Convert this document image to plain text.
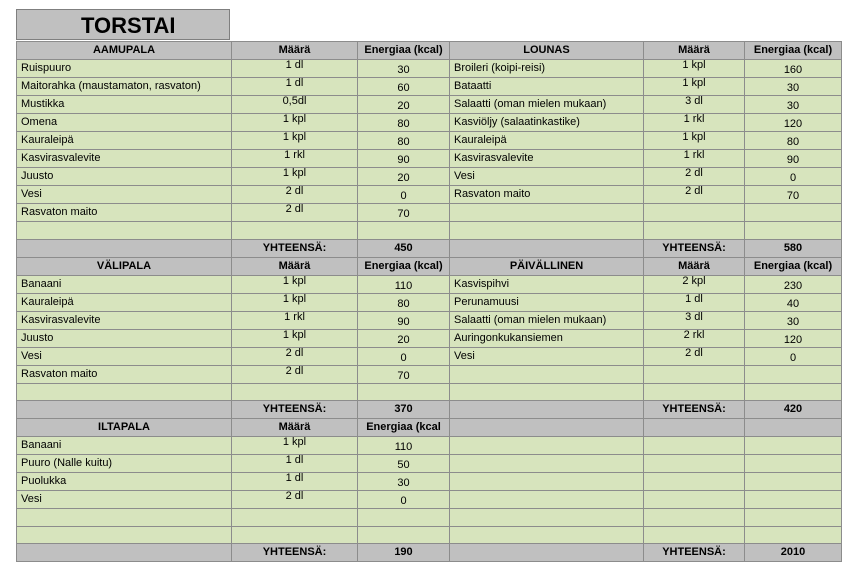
TORSTAI
AAMUPALA	Määrä	Energiaa (kcal)	LOUNAS	Määrä	Energiaa (kcal)
Ruispuuro	1 dl	30	Broileri (koipi-reisi)	1 kpl	160
Maitorahka (maustamaton, rasvaton)	1 dl	60	Bataatti	1 kpl	30
Mustikka	0,5dl	20	Salaatti (oman mielen mukaan)	3 dl	30
Omena	1 kpl	80	Kasviöljy (salaatinkastike)	1 rkl	120
Kauraleipä	1 kpl	80	Kauraleipä	1 kpl	80
Kasvirasvalevite	1 rkl	90	Kasvirasvalevite	1 rkl	90
Juusto	1 kpl	20	Vesi	2 dl	0
Vesi	2 dl	0	Rasvaton maito	2 dl	70
Rasvaton maito	2 dl	70			

	YHTEENSÄ:	450		YHTEENSÄ:	580
VÄLIPALA	Määrä	Energiaa (kcal)	PÄIVÄLLINEN	Määrä	Energiaa (kcal)
Banaani	1 kpl	110	Kasvispihvi	2 kpl	230
Kauraleipä	1 kpl	80	Perunamuusi	1 dl	40
Kasvirasvalevite	1 rkl	90	Salaatti (oman mielen mukaan)	3 dl	30
Juusto	1 kpl	20	Auringonkukansiemen	2 rkl	120
Vesi	2 dl	0	Vesi	2 dl	0
Rasvaton maito	2 dl	70			

	YHTEENSÄ:	370		YHTEENSÄ:	420
ILTAPALA	Määrä	Energiaa (kcal			
Banaani	1 kpl	110			
Puuro (Nalle kuitu)	1 dl	50			
Puolukka	1 dl	30			
Vesi	2 dl	0			

	YHTEENSÄ:	190		YHTEENSÄ:	2010
